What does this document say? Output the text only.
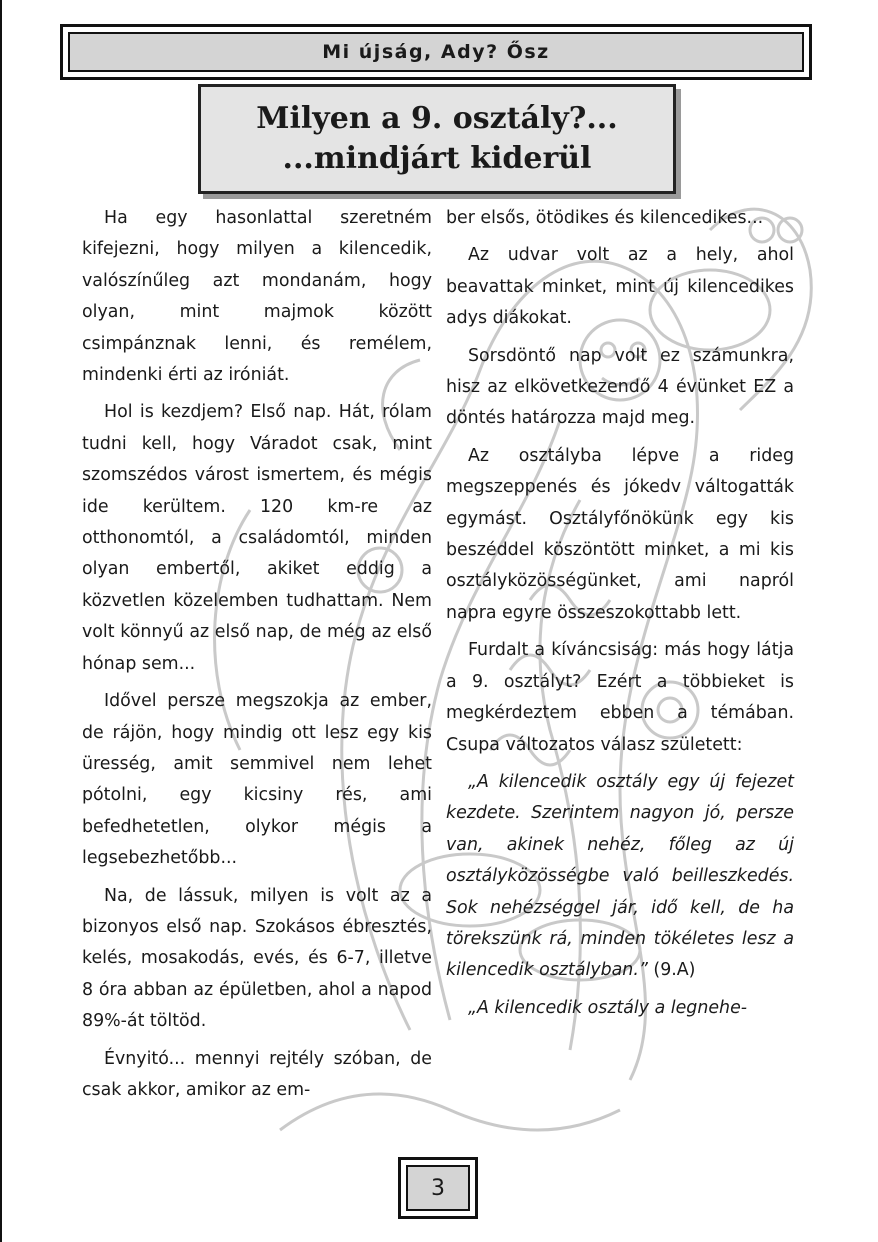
Mi újság, Ady? Ősz
Milyen a 9. osztály?...
...mindjárt kiderül

Ha egy hasonlattal szeretném kifejezni, hogy milyen a kilencedik, valószínűleg azt mondanám, hogy olyan, mint majmok között csimpánznak lenni, és remélem, mindenki érti az iróniát.

Hol is kezdjem? Első nap. Hát, rólam tudni kell, hogy Váradot csak, mint szomszédos várost ismertem, és mégis ide kerültem. 120 km-re az otthonomtól, a családomtól, minden olyan embertől, akiket eddig a közvetlen közelemben tudhattam. Nem volt könnyű az első nap, de még az első hónap sem...

Idővel persze megszokja az ember, de rájön, hogy mindig ott lesz egy kis üresség, amit semmivel nem lehet pótolni, egy kicsiny rés, ami befedhetetlen, olykor mégis a legsebezhetőbb...

Na, de lássuk, milyen is volt az a bizonyos első nap. Szokásos ébresztés, kelés, mosakodás, evés, és 6-7, illetve 8 óra abban az épületben, ahol a napod 89%-át töltöd.

Évnyitó... mennyi rejtély szóban, de csak akkor, amikor az em-

ber elsős, ötödikes és kilencedikes...

Az udvar volt az a hely, ahol beavattak minket, mint új kilencedikes adys diákokat.

Sorsdöntő nap volt ez számunkra, hisz az elkövetkezendő 4 évünket EZ a döntés határozza majd meg.

Az osztályba lépve a rideg megszeppenés és jókedv váltogatták egymást. Osztályfőnökünk egy kis beszéddel köszöntött minket, a mi kis osztályközösségünket, ami napról napra egyre összeszokottabb lett.

Furdalt a kíváncsiság: más hogy látja a 9. osztályt? Ezért a többieket is megkérdeztem ebben a témában. Csupa változatos válasz született:

„A kilencedik osztály egy új fejezet kezdete. Szerintem nagyon jó, persze van, akinek nehéz, főleg az új osztályközösségbe való beilleszkedés. Sok nehézséggel jár, idő kell, de ha törekszünk rá, minden tökéletes lesz a kilencedik osztályban.” (9.A)

„A kilencedik osztály a legnehe-

3
